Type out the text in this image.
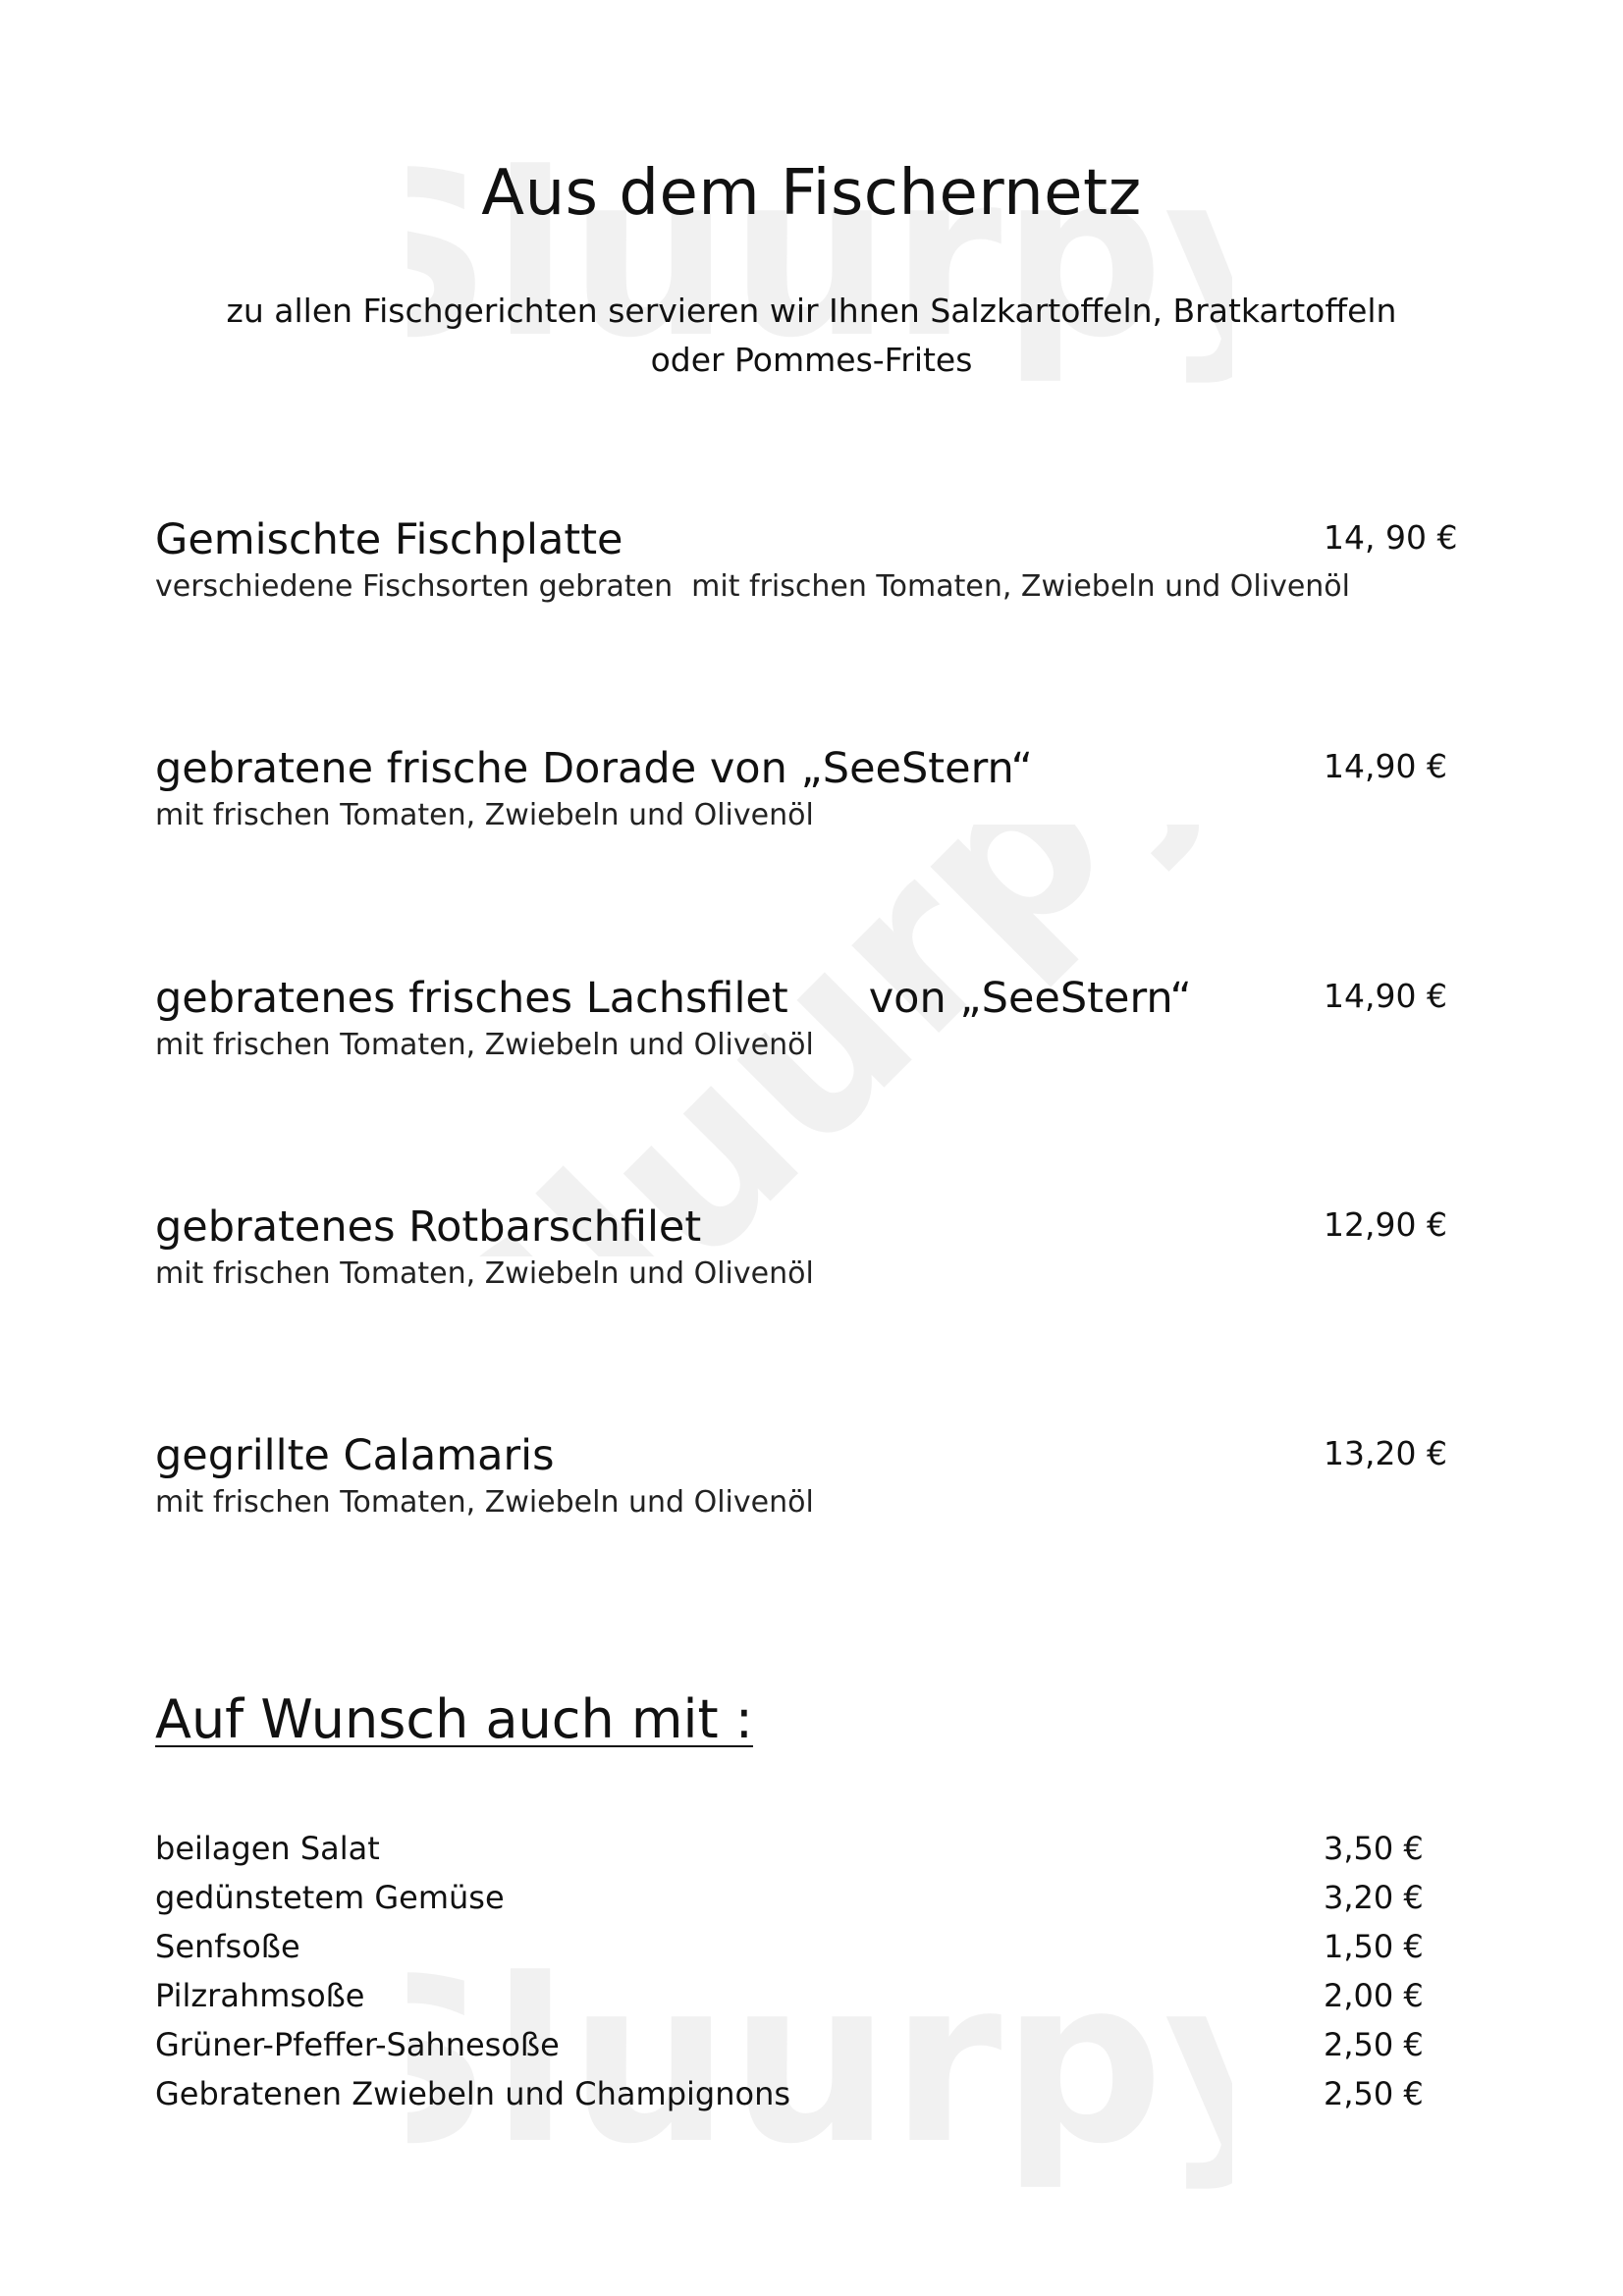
Sluurp
Sluurp
Aus dem Fischernetz
zu allen Fischgerichten servieren wir Ihnen Salzkartoffeln, Bratkartoffeln
oder Pommes-Frites
Gemischte Fischplatte
verschiedene Fischsorten gebraten  mit frischen Tomaten, Zwiebeln und Olivenöl
14, 90 €
gebratene frische Dorade von „SeeStern“
mit frischen Tomaten, Zwiebeln und Olivenöl
14,90 €
gebratenes frisches Lachsfilet      von „SeeStern“
mit frischen Tomaten, Zwiebeln und Olivenöl
14,90 €
gebratenes Rotbarschfilet
mit frischen Tomaten, Zwiebeln und Olivenöl
12,90 €
gegrillte Calamaris
mit frischen Tomaten, Zwiebeln und Olivenöl
13,20 €
Auf Wunsch auch mit :
beilagen Salat	3,50 €
gedünstetem Gemüse	3,20 €
Senfsoße	1,50 €
Pilzrahmsoße	2,00 €
Grüner-Pfeffer-Sahnesoße	2,50 €
Gebratenen Zwiebeln und Champignons	2,50 €
